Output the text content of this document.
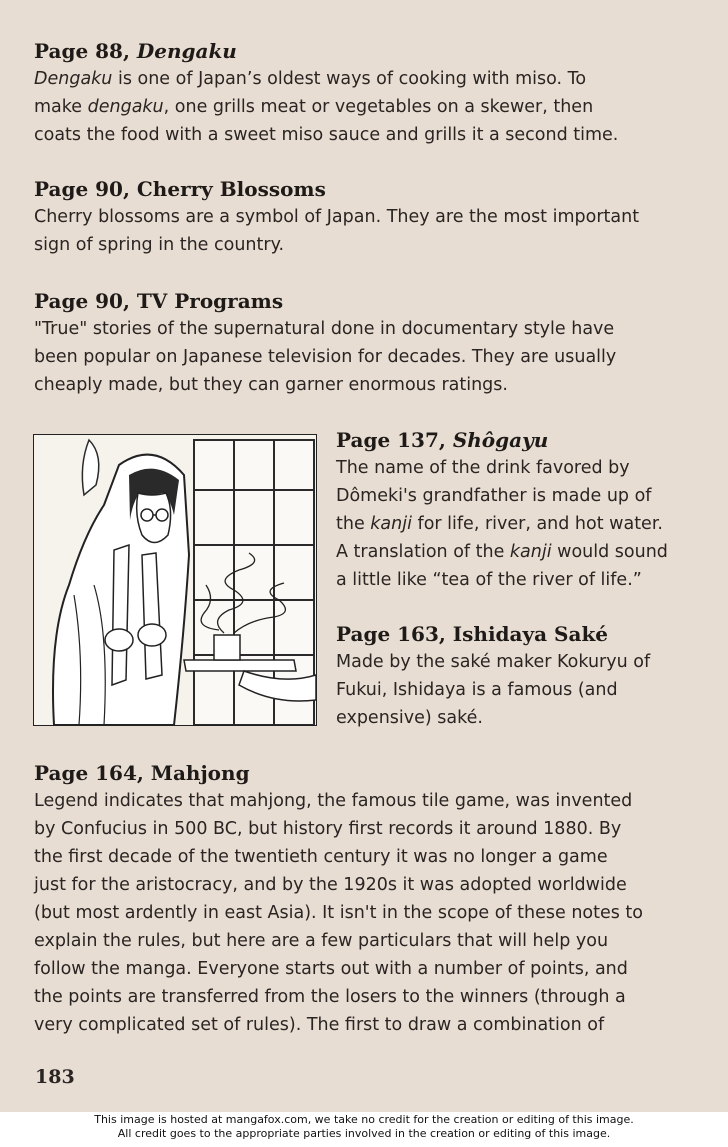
Page 88, Dengaku

Dengaku is one of Japan’s oldest ways of cooking with miso. To
make dengaku, one grills meat or vegetables on a skewer, then
coats the food with a sweet miso sauce and grills it a second time.

Page 90, Cherry Blossoms

Cherry blossoms are a symbol of Japan. They are the most important
sign of spring in the country.

Page 90, TV Programs

"True" stories of the supernatural done in documentary style have
been popular on Japanese television for decades. They are usually
cheaply made, but they can garner enormous ratings.

Page 137, Shôgayu

The name of the drink favored by
Dômeki's grandfather is made up of
the kanji for life, river, and hot water.
A translation of the kanji would sound
a little like “tea of the river of life.”

Page 163, Ishidaya Saké

Made by the saké maker Kokuryu of
Fukui, Ishidaya is a famous (and
expensive) saké.

Page 164, Mahjong

Legend indicates that mahjong, the famous tile game, was invented
by Confucius in 500 BC, but history first records it around 1880. By
the first decade of the twentieth century it was no longer a game
just for the aristocracy, and by the 1920s it was adopted worldwide
(but most ardently in east Asia). It isn't in the scope of these notes to
explain the rules, but here are a few particulars that will help you
follow the manga. Everyone starts out with a number of points, and
the points are transferred from the losers to the winners (through a
very complicated set of rules). The first to draw a combination of

183
This image is hosted at mangafox.com, we take no credit for the creation or editing of this image.
All credit goes to the appropriate parties involved in the creation or editing of this image.
